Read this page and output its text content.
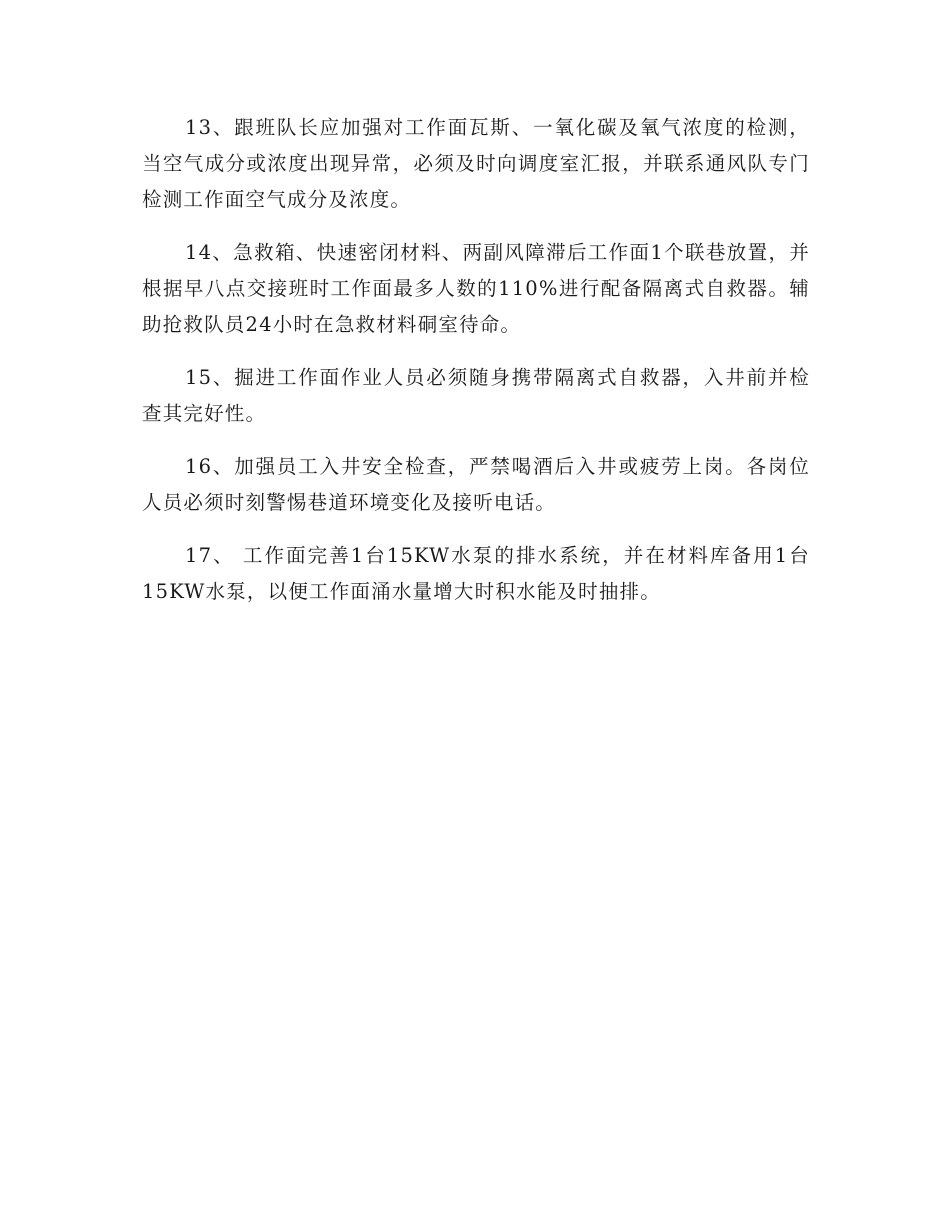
13、跟班队长应加强对工作面瓦斯、一氧化碳及氧气浓度的检测，当空气成分或浓度出现异常，必须及时向调度室汇报，并联系通风队专门检测工作面空气成分及浓度。

14、急救箱、快速密闭材料、两副风障滞后工作面1个联巷放置，并根据早八点交接班时工作面最多人数的110%进行配备隔离式自救器。辅助抢救队员24小时在急救材料硐室待命。

15、掘进工作面作业人员必须随身携带隔离式自救器，入井前并检查其完好性。

16、加强员工入井安全检查，严禁喝酒后入井或疲劳上岗。各岗位人员必须时刻警惕巷道环境变化及接听电话。

17、 工作面完善1台15KW水泵的排水系统，并在材料库备用1台15KW水泵，以便工作面涌水量增大时积水能及时抽排。
